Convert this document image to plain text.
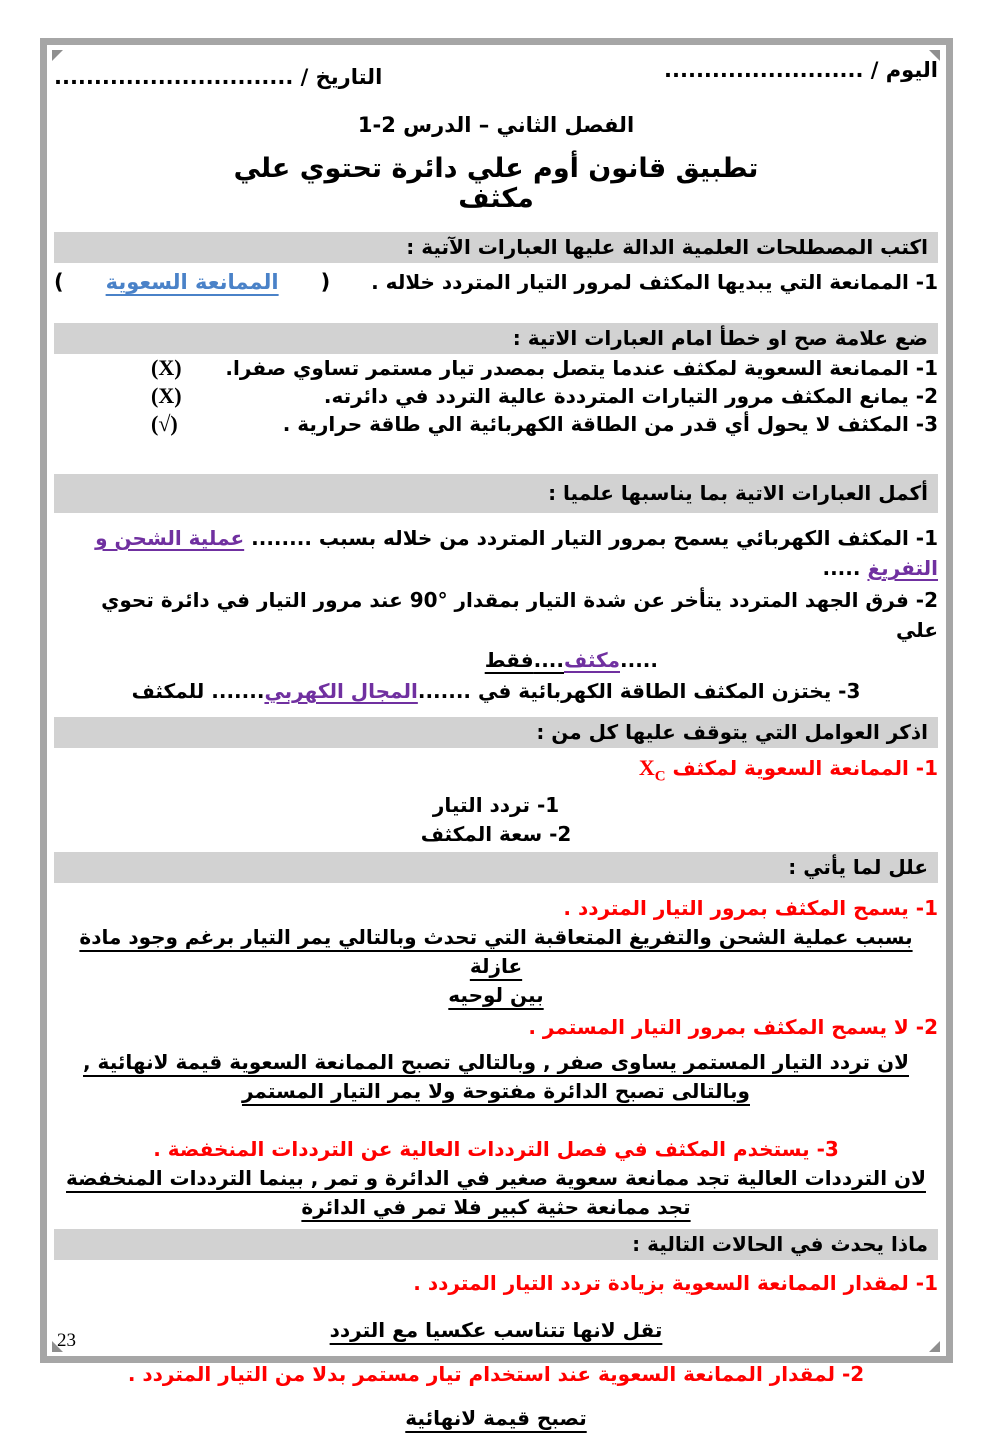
اليوم / .........................
التاريخ / ..............................
الفصل الثاني – الدرس 2-1
تطبيق قانون أوم علي دائرة تحتوي علي
مكثف
اكتب المصطلحات العلمية الدالة عليها العبارات الآتية :
1- الممانعة التي يبديها المكثف لمرور التيار المتردد خلاله .
( الممانعة السعوية )
ضع علامة صح او خطأ امام العبارات الاتية :
1- الممانعة السعوية لمكثف عندما يتصل بمصدر تيار مستمر تساوي صفرا.
(X)
2- يمانع المكثف مرور التيارات المترددة عالية التردد في دائرته.
(X)
3- المكثف لا يحول أي قدر من الطاقة الكهربائية الي طاقة حرارية .
(√)
أكمل العبارات الاتية بما يناسبها علميا :
1- المكثف الكهربائي يسمح بمرور التيار المتردد من خلاله بسبب ........ عملية الشحن و التفريغ .....
2- فرق الجهد المتردد يتأخر عن شدة التيار بمقدار °90 عند مرور التيار في دائرة تحوي علي
.....مكثف....فقط
3- يختزن المكثف الطاقة الكهربائية في .......المجال الكهربي....... للمكثف
اذكر العوامل التي يتوقف عليها كل من :
1- الممانعة السعوية لمكثف $X_C$
1- تردد التيار
2- سعة المكثف
علل لما يأتي :
1- يسمح المكثف بمرور التيار المتردد .
بسبب عملية الشحن والتفريغ المتعاقبة التي تحدث وبالتالي يمر التيار برغم وجود مادة عازلة
بين لوحيه
2- لا يسمح المكثف بمرور التيار المستمر .
لان تردد التيار المستمر يساوى صفر , وبالتالي تصبح الممانعة السعوية قيمة لانهائية ,
وبالتالى تصبح الدائرة مفتوحة ولا يمر التيار المستمر
3- يستخدم المكثف في فصل الترددات العالية عن الترددات المنخفضة .
لان الترددات العالية تجد ممانعة سعوية صغير في الدائرة و تمر , بينما الترددات المنخفضة
تجد ممانعة حثية كبير فلا تمر في الدائرة
ماذا يحدث في الحالات التالية :
1- لمقدار الممانعة السعوية بزيادة تردد التيار المتردد .
تقل لانها تتناسب عكسيا مع التردد
2- لمقدار الممانعة السعوية عند استخدام تيار مستمر بدلا من التيار المتردد .
تصبح قيمة لانهائية
23
